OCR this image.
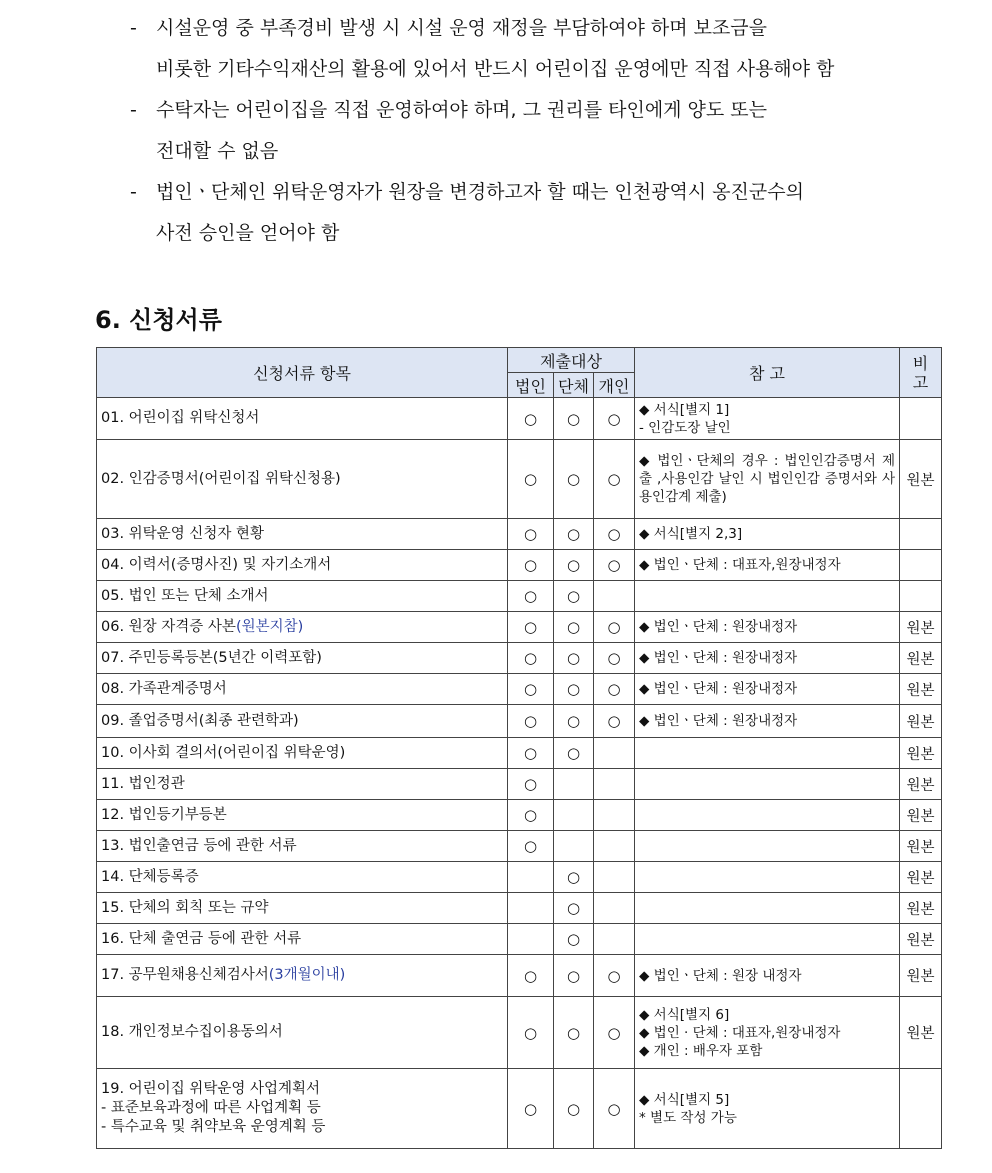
- 시설운영 중 부족경비 발생 시 시설 운영 재정을 부담하여야 하며 보조금을
비롯한 기타수익재산의 활용에 있어서 반드시 어린이집 운영에만 직접 사용해야 함
- 수탁자는 어린이집을 직접 운영하여야 하며, 그 권리를 타인에게 양도 또는
전대할 수 없음
- 법인ㆍ단체인 위탁운영자가 원장을 변경하고자 할 때는 인천광역시 옹진군수의
사전 승인을 얻어야 함
6. 신청서류
신청서류 항목	제출대상			참 고	비
고

	법인	단체	개인		

01. 어린이집 위탁신청서	○	○	○	◆ 서식[별지 1]
- 인감도장 날인	

02. 인감증명서(어린이집 위탁신청용)	○	○	○	◆ 법인ㆍ단체의 경우 : 법인인감증명서 제출 ,사용인감 날인 시 법인인감 증명서와 사용인감계 제출)	원본

03. 위탁운영 신청자 현황	○	○	○	◆ 서식[별지 2,3]	

04. 이력서(증명사진) 및 자기소개서	○	○	○	◆ 법인ㆍ단체 : 대표자,원장내정자	

05. 법인 또는 단체 소개서	○	○			

06. 원장 자격증 사본(원본지참)	○	○	○	◆ 법인ㆍ단체 : 원장내정자	원본

07. 주민등록등본(5년간 이력포함)	○	○	○	◆ 법인ㆍ단체 : 원장내정자	원본

08. 가족관계증명서	○	○	○	◆ 법인ㆍ단체 : 원장내정자	원본

09. 졸업증명서(최종 관련학과)	○	○	○	◆ 법인ㆍ단체 : 원장내정자	원본

10. 이사회 결의서(어린이집 위탁운영)	○	○			원본

11. 법인정관	○				원본

12. 법인등기부등본	○				원본

13. 법인출연금 등에 관한 서류	○				원본

14. 단체등록증		○			원본

15. 단체의 회칙 또는 규약		○			원본

16. 단체 출연금 등에 관한 서류		○			원본

17. 공무원채용신체검사서(3개월이내)	○	○	○	◆ 법인ㆍ단체 : 원장 내정자	원본

18. 개인정보수집이용동의서	○	○	○	◆ 서식[별지 6]
◆ 법인 · 단체 : 대표자,원장내정자
◆ 개인 : 배우자 포함	원본

19. 어린이집 위탁운영 사업계획서
- 표준보육과정에 따른 사업계획 등
- 특수교육 및 취약보육 운영계획 등	○	○	○	◆ 서식[별지 5]
* 별도 작성 가능	
